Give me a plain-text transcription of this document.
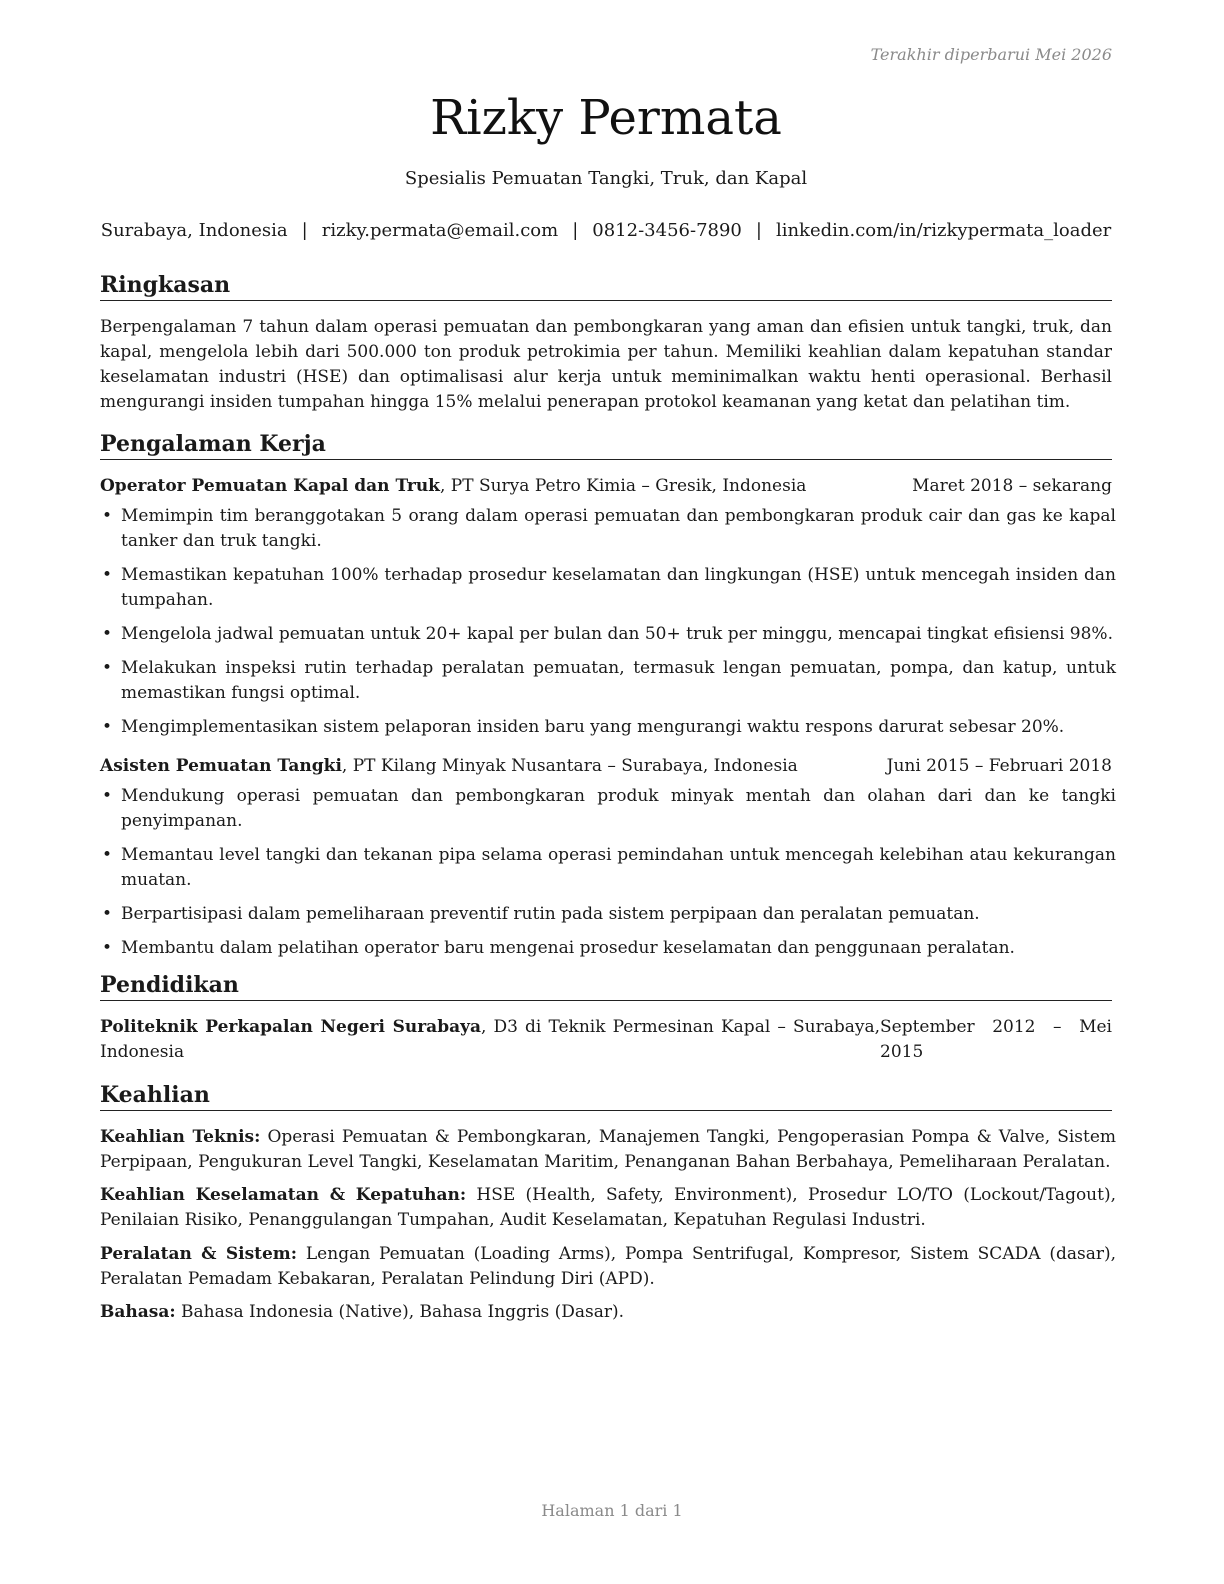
Terakhir diperbarui Mei 2026
Rizky Permata
Spesialis Pemuatan Tangki, Truk, dan Kapal
Surabaya, Indonesia | rizky.permata@email.com | 0812-3456-7890 | linkedin.com/in/rizkypermata_loader
Ringkasan
Berpengalaman 7 tahun dalam operasi pemuatan dan pembongkaran yang aman dan efisien untuk tangki, truk, dan kapal, mengelola lebih dari 500.000 ton produk petrokimia per tahun. Memiliki keahlian dalam kepatuhan standar keselamatan industri (HSE) dan optimalisasi alur kerja untuk meminimalkan waktu henti operasional. Berhasil mengurangi insiden tumpahan hingga 15% melalui penerapan protokol keamanan yang ketat dan pelatihan tim.
Pengalaman Kerja
Operator Pemuatan Kapal dan Truk, PT Surya Petro Kimia – Gresik, Indonesia	Maret 2018 – sekarang
• Memimpin tim beranggotakan 5 orang dalam operasi pemuatan dan pembongkaran produk cair dan gas ke kapal tanker dan truk tangki.
• Memastikan kepatuhan 100% terhadap prosedur keselamatan dan lingkungan (HSE) untuk mencegah insiden dan tumpahan.
• Mengelola jadwal pemuatan untuk 20+ kapal per bulan dan 50+ truk per minggu, mencapai tingkat efisiensi 98%.
• Melakukan inspeksi rutin terhadap peralatan pemuatan, termasuk lengan pemuatan, pompa, dan katup, untuk memastikan fungsi optimal.
• Mengimplementasikan sistem pelaporan insiden baru yang mengurangi waktu respons darurat sebesar 20%.
Asisten Pemuatan Tangki, PT Kilang Minyak Nusantara – Surabaya, Indonesia	Juni 2015 – Februari 2018
• Mendukung operasi pemuatan dan pembongkaran produk minyak mentah dan olahan dari dan ke tangki penyimpanan.
• Memantau level tangki dan tekanan pipa selama operasi pemindahan untuk mencegah kelebihan atau kekurangan muatan.
• Berpartisipasi dalam pemeliharaan preventif rutin pada sistem perpipaan dan peralatan pemuatan.
• Membantu dalam pelatihan operator baru mengenai prosedur keselamatan dan penggunaan peralatan.
Pendidikan
Politeknik Perkapalan Negeri Surabaya, D3 di Teknik Permesinan Kapal – Surabaya, Indonesia
September 2012 – Mei 2015
Keahlian
Keahlian Teknis: Operasi Pemuatan & Pembongkaran, Manajemen Tangki, Pengoperasian Pompa & Valve, Sistem Perpipaan, Pengukuran Level Tangki, Keselamatan Maritim, Penanganan Bahan Berbahaya, Pemeliharaan Peralatan.
Keahlian Keselamatan & Kepatuhan: HSE (Health, Safety, Environment), Prosedur LO/TO (Lockout/Tagout), Penilaian Risiko, Penanggulangan Tumpahan, Audit Keselamatan, Kepatuhan Regulasi Industri.
Peralatan & Sistem: Lengan Pemuatan (Loading Arms), Pompa Sentrifugal, Kompresor, Sistem SCADA (dasar), Peralatan Pemadam Kebakaran, Peralatan Pelindung Diri (APD).
Bahasa: Bahasa Indonesia (Native), Bahasa Inggris (Dasar).
Halaman 1 dari 1
